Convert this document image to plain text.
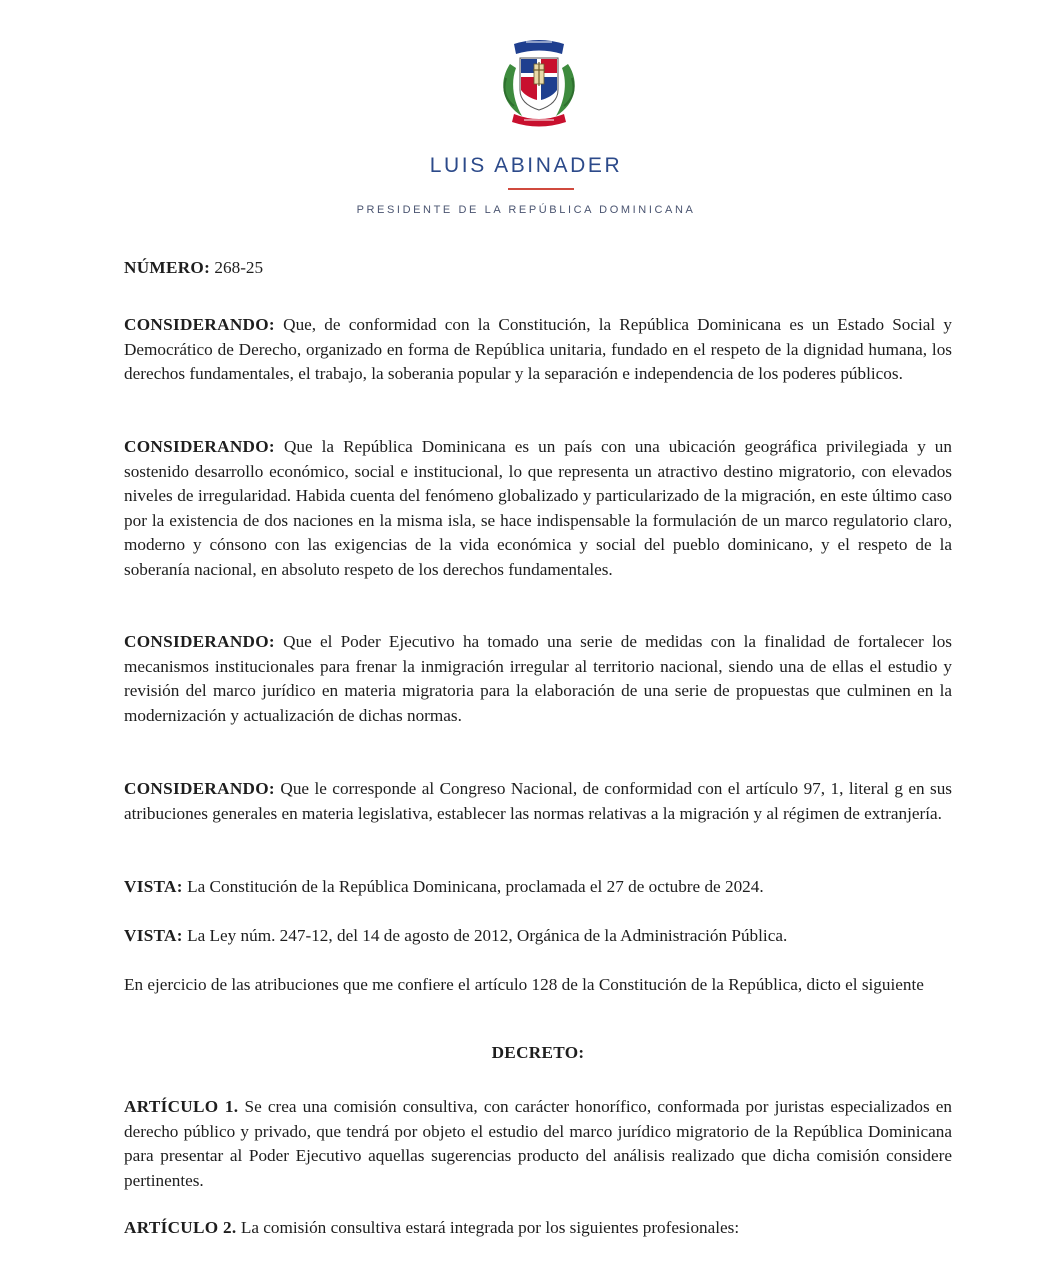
LUIS ABINADER
PRESIDENTE DE LA REPÚBLICA DOMINICANA
NÚMERO: 268-25
CONSIDERANDO: Que, de conformidad con la Constitución, la República Dominicana es un Estado Social y Democrático de Derecho, organizado en forma de República unitaria, fundado en el respeto de la dignidad humana, los derechos fundamentales, el trabajo, la soberania popular y la separación e independencia de los poderes públicos.
CONSIDERANDO: Que la República Dominicana es un país con una ubicación geográfica privilegiada y un sostenido desarrollo económico, social e institucional, lo que representa un atractivo destino migratorio, con elevados niveles de irregularidad. Habida cuenta del fenómeno globalizado y particularizado de la migración, en este último caso por la existencia de dos naciones en la misma isla, se hace indispensable la formulación de un marco regulatorio claro, moderno y cónsono con las exigencias de la vida económica y social del pueblo dominicano, y el respeto de la soberanía nacional, en absoluto respeto de los derechos fundamentales.
CONSIDERANDO: Que el Poder Ejecutivo ha tomado una serie de medidas con la finalidad de fortalecer los mecanismos institucionales para frenar la inmigración irregular al territorio nacional, siendo una de ellas el estudio y revisión del marco jurídico en materia migratoria para la elaboración de una serie de propuestas que culminen en la modernización y actualización de dichas normas.
CONSIDERANDO: Que le corresponde al Congreso Nacional, de conformidad con el artículo 97, 1, literal g en sus atribuciones generales en materia legislativa, establecer las normas relativas a la migración y al régimen de extranjería.
VISTA: La Constitución de la República Dominicana, proclamada el 27 de octubre de 2024.
VISTA: La Ley núm. 247-12, del 14 de agosto de 2012, Orgánica de la Administración Pública.
En ejercicio de las atribuciones que me confiere el artículo 128 de la Constitución de la República, dicto el siguiente
DECRETO:
ARTÍCULO 1. Se crea una comisión consultiva, con carácter honorífico, conformada por juristas especializados en derecho público y privado, que tendrá por objeto el estudio del marco jurídico migratorio de la República Dominicana para presentar al Poder Ejecutivo aquellas sugerencias producto del análisis realizado que dicha comisión considere pertinentes.
ARTÍCULO 2. La comisión consultiva estará integrada por los siguientes profesionales:
